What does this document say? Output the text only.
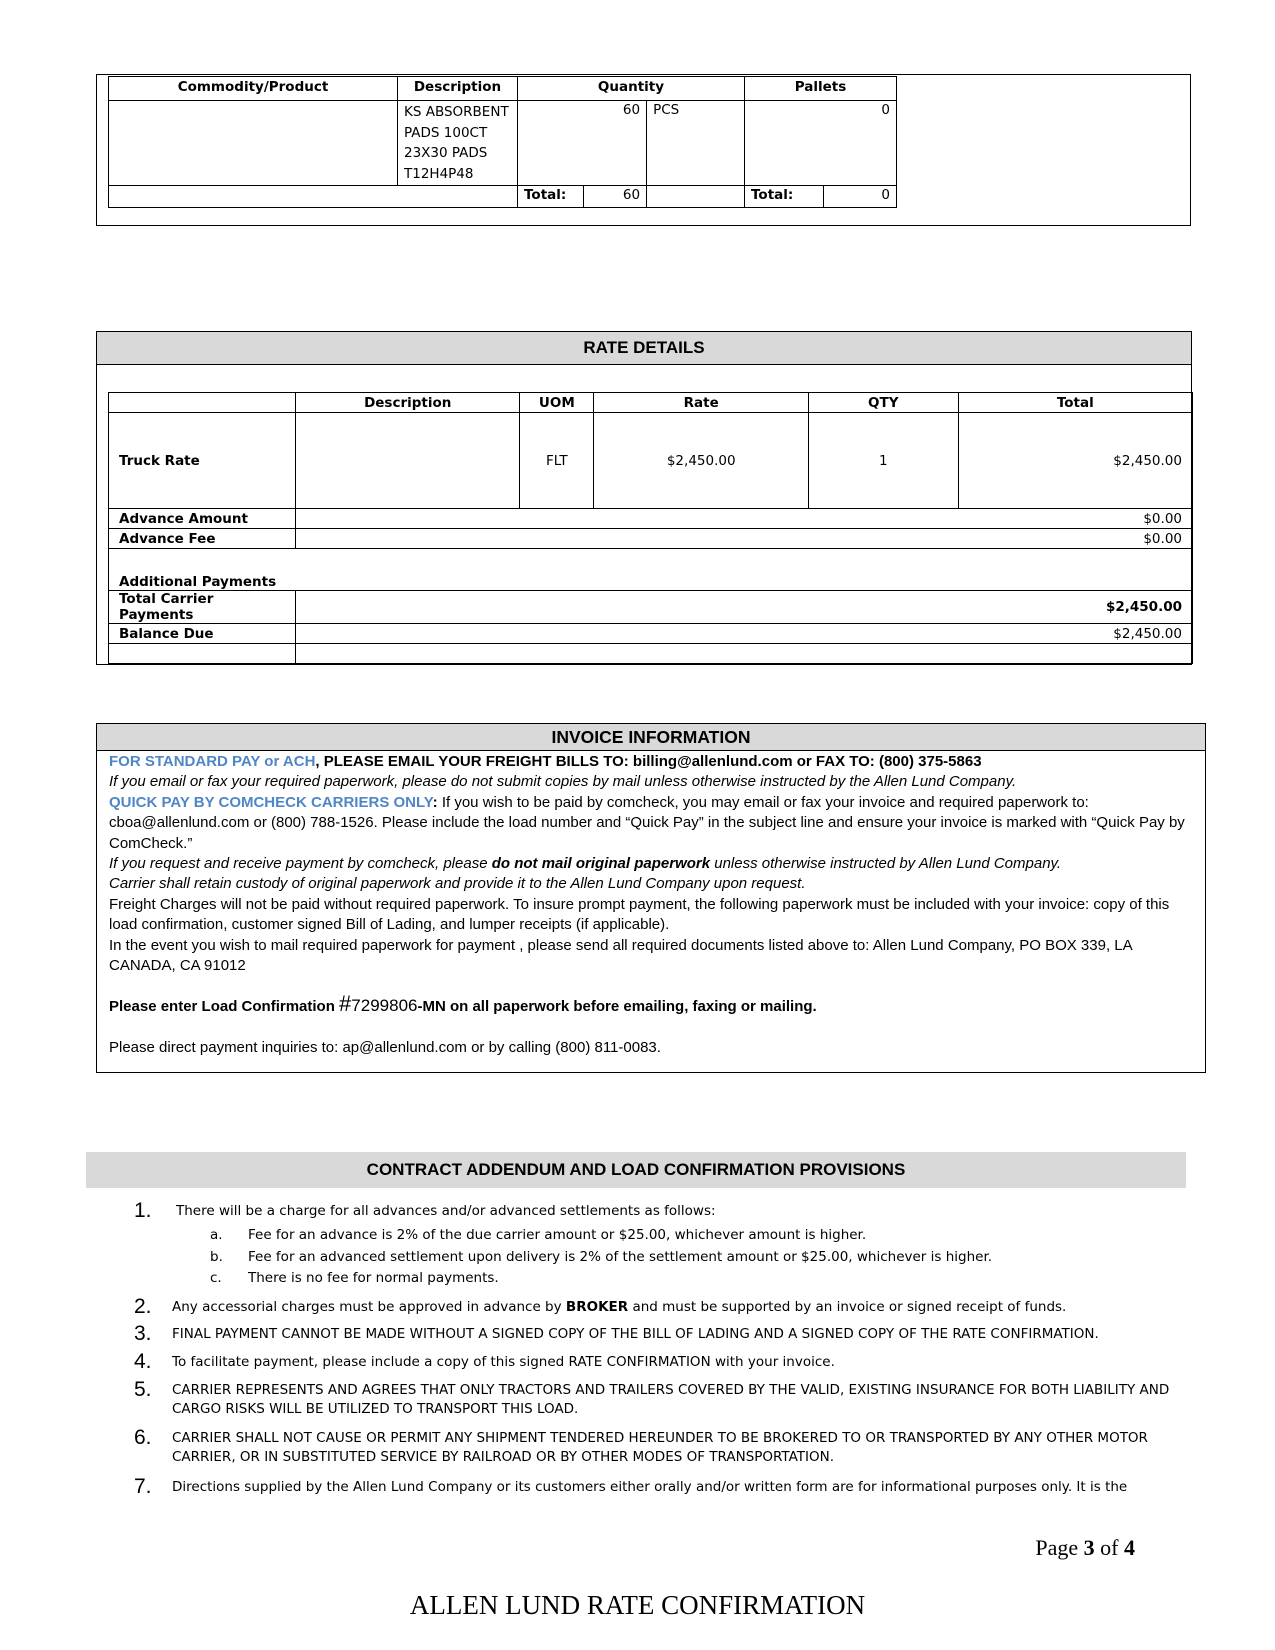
Commodity/Product	Description	Quantity			Pallets	

	KS ABSORBENT
PADS 100CT
23X30 PADS
T12H4P48	60		PCS	0	
		Total:	60		Total:	0
RATE DETAILS
	Description	UOM	Rate	QTY	Total
Truck Rate		FLT	$2,450.00	1	$2,450.00
Advance Amount	$0.00				
Advance Fee	$0.00				
Additional Payments					
Total Carrier Payments	$2,450.00				
Balance Due	$2,450.00				

INVOICE INFORMATION
FOR STANDARD PAY or ACH, PLEASE EMAIL YOUR FREIGHT BILLS TO: billing@allenlund.com or FAX TO: (800) 375-5863
If you email or fax your required paperwork, please do not submit copies by mail unless otherwise instructed by the Allen Lund Company.
QUICK PAY BY COMCHECK CARRIERS ONLY: If you wish to be paid by comcheck, you may email or fax your invoice and required paperwork to: cboa@allenlund.com or (800) 788-1526. Please include the load number and “Quick Pay” in the subject line and ensure your invoice is marked with “Quick Pay by ComCheck.”
If you request and receive payment by comcheck, please do not mail original paperwork unless otherwise instructed by Allen Lund Company.
Carrier shall retain custody of original paperwork and provide it to the Allen Lund Company upon request.
Freight Charges will not be paid without required paperwork. To insure prompt payment, the following paperwork must be included with your invoice: copy of this load confirmation, customer signed Bill of Lading, and lumper receipts (if applicable).
In the event you wish to mail required paperwork for payment , please send all required documents listed above to: Allen Lund Company, PO BOX 339, LA CANADA, CA 91012
Please enter Load Confirmation #7299806-MN on all paperwork before emailing, faxing or mailing.
Please direct payment inquiries to: ap@allenlund.com or by calling (800) 811-0083.
CONTRACT ADDENDUM AND LOAD CONFIRMATION PROVISIONS
1. There will be a charge for all advances and/or advanced settlements as follows:
a. Fee for an advance is 2% of the due carrier amount or $25.00, whichever amount is higher.
b. Fee for an advanced settlement upon delivery is 2% of the settlement amount or $25.00, whichever is higher.
c. There is no fee for normal payments.
2. Any accessorial charges must be approved in advance by BROKER and must be supported by an invoice or signed receipt of funds.
3. FINAL PAYMENT CANNOT BE MADE WITHOUT A SIGNED COPY OF THE BILL OF LADING AND A SIGNED COPY OF THE RATE CONFIRMATION.
4. To facilitate payment, please include a copy of this signed RATE CONFIRMATION with your invoice.
5. CARRIER REPRESENTS AND AGREES THAT ONLY TRACTORS AND TRAILERS COVERED BY THE VALID, EXISTING INSURANCE FOR BOTH LIABILITY AND
CARGO RISKS WILL BE UTILIZED TO TRANSPORT THIS LOAD.
6. CARRIER SHALL NOT CAUSE OR PERMIT ANY SHIPMENT TENDERED HEREUNDER TO BE BROKERED TO OR TRANSPORTED BY ANY OTHER MOTOR
CARRIER, OR IN SUBSTITUTED SERVICE BY RAILROAD OR BY OTHER MODES OF TRANSPORTATION.
7. Directions supplied by the Allen Lund Company or its customers either orally and/or written form are for informational purposes only. It is the
Page 3 of 4
ALLEN LUND RATE CONFIRMATION
